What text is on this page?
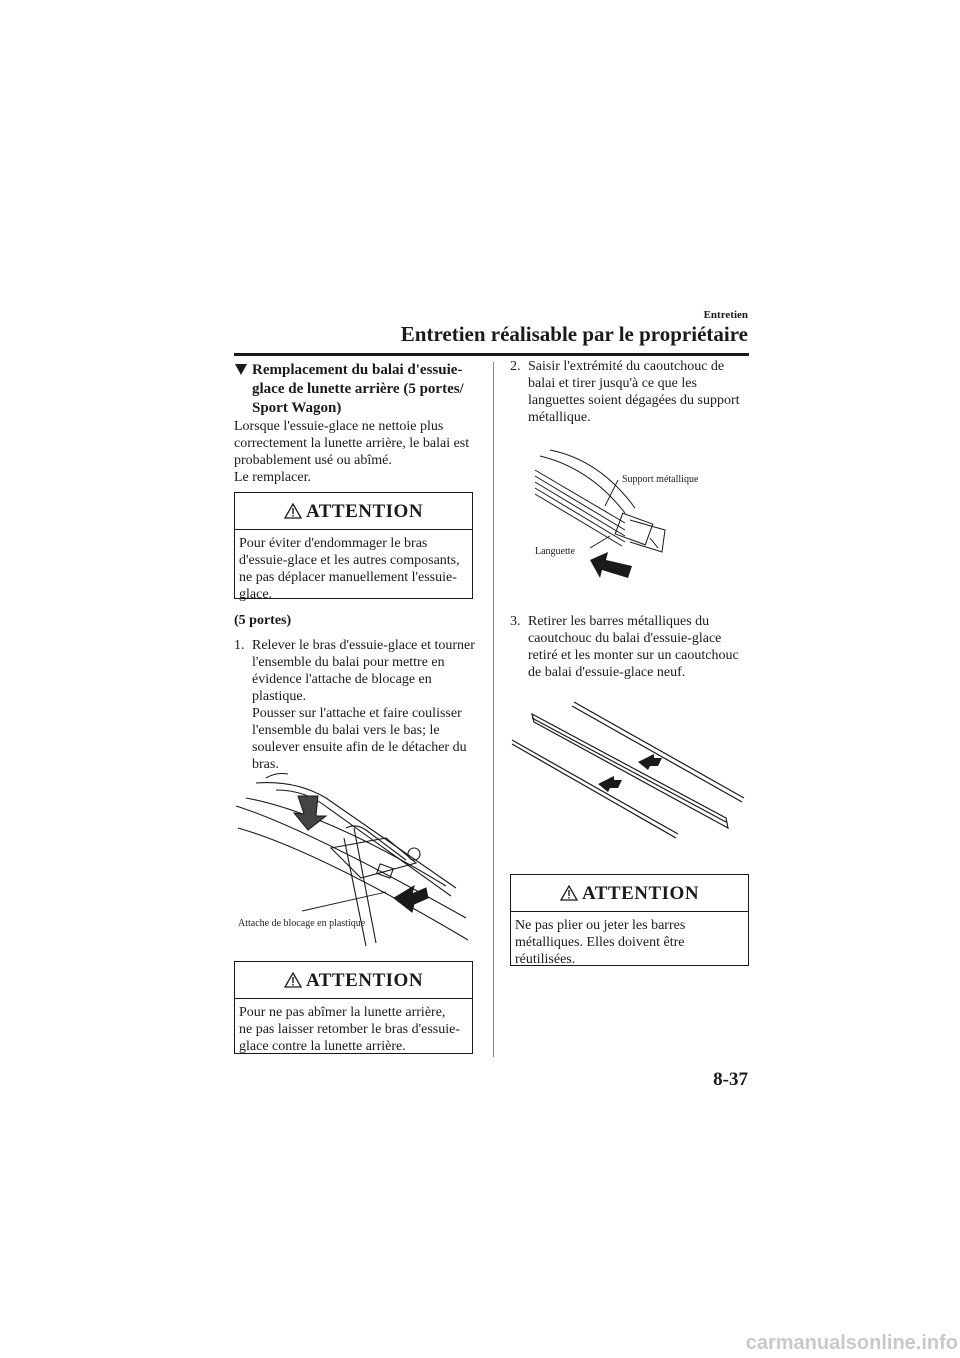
Entretien
Entretien réalisable par le propriétaire
Remplacement du balai d'essuie-glace de lunette arrière (5 portes/ Sport Wagon)
Lorsque l'essuie-glace ne nettoie plus correctement la lunette arrière, le balai est probablement usé ou abîmé.
Le remplacer.
ATTENTION
Pour éviter d'endommager le bras d'essuie-glace et les autres composants, ne pas déplacer manuellement l'essuie-glace.
(5 portes)
1. Relever le bras d'essuie-glace et tourner l'ensemble du balai pour mettre en évidence l'attache de blocage en plastique.
Pousser sur l'attache et faire coulisser l'ensemble du balai vers le bas; le soulever ensuite afin de le détacher du bras.
Attache de blocage en plastique
ATTENTION
Pour ne pas abîmer la lunette arrière, ne pas laisser retomber le bras d'essuie-glace contre la lunette arrière.
2. Saisir l'extrémité du caoutchouc de balai et tirer jusqu'à ce que les languettes soient dégagées du support métallique.
Support métallique
Languette
3. Retirer les barres métalliques du caoutchouc du balai d'essuie-glace retiré et les monter sur un caoutchouc de balai d'essuie-glace neuf.
ATTENTION
Ne pas plier ou jeter les barres métalliques. Elles doivent être réutilisées.
8-37
carmanualsonline.info
